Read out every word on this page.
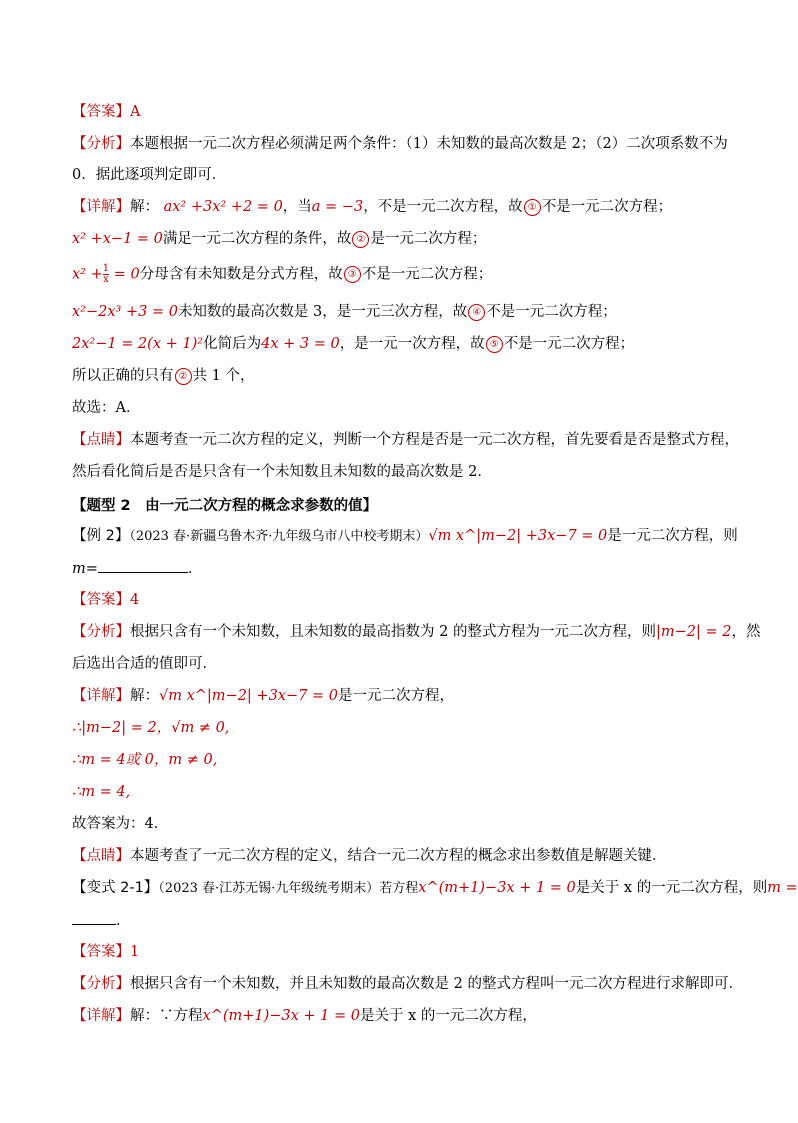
【答案】A
【分析】本题根据一元二次方程必须满足两个条件：（1）未知数的最高次数是 2；（2）二次项系数不为
0．据此逐项判定即可．
【详解】解： ax² +3x² +2 = 0，当a = −3，不是一元二次方程，故 ① 不是一元二次方程；
x² +x−1 = 0满足一元二次方程的条件，故 ② 是一元二次方程；
$x^2 + \frac{1}{x} = 0$分母含有未知数是分式方程，故 ③ 不是一元二次方程；
x²−2x³ +3 = 0未知数的最高次数是 3，是一元三次方程，故 ④ 不是一元二次方程；
2x²−1 = 2(x + 1)²化简后为4x + 3 = 0，是一元一次方程，故 ⑤ 不是一元二次方程；
所以正确的只有 ② 共 1 个，
故选：A．
【点睛】本题考查一元二次方程的定义，判断一个方程是否是一元二次方程，首先要看是否是整式方程，
然后看化简后是否是只含有一个未知数且未知数的最高次数是 2．
【题型 2　由一元二次方程的概念求参数的值】
【例 2】（2023 春·新疆乌鲁木齐·九年级乌市八中校考期末）√m x^|m−2| +3x−7 = 0是一元二次方程，则
m=	．
【答案】4
【分析】根据只含有一个未知数，且未知数的最高指数为 2 的整式方程为一元二次方程，则|m−2| = 2，然
后选出合适的值即可．
【详解】解：√m x^|m−2| +3x−7 = 0是一元二次方程，
∴|m−2| = 2，√m ≠ 0,
∴m = 4或 0，m ≠ 0,
∴m = 4,
故答案为：4．
【点睛】本题考查了一元二次方程的定义，结合一元二次方程的概念求出参数值是解题关键．
【变式 2-1】（2023 春·江苏无锡·九年级统考期末）若方程x^(m+1)−3x + 1 = 0是关于 x 的一元二次方程，则m =
．
【答案】1
【分析】根据只含有一个未知数，并且未知数的最高次数是 2 的整式方程叫一元二次方程进行求解即可．
【详解】解：∵方程x^(m+1)−3x + 1 = 0是关于 x 的一元二次方程，
